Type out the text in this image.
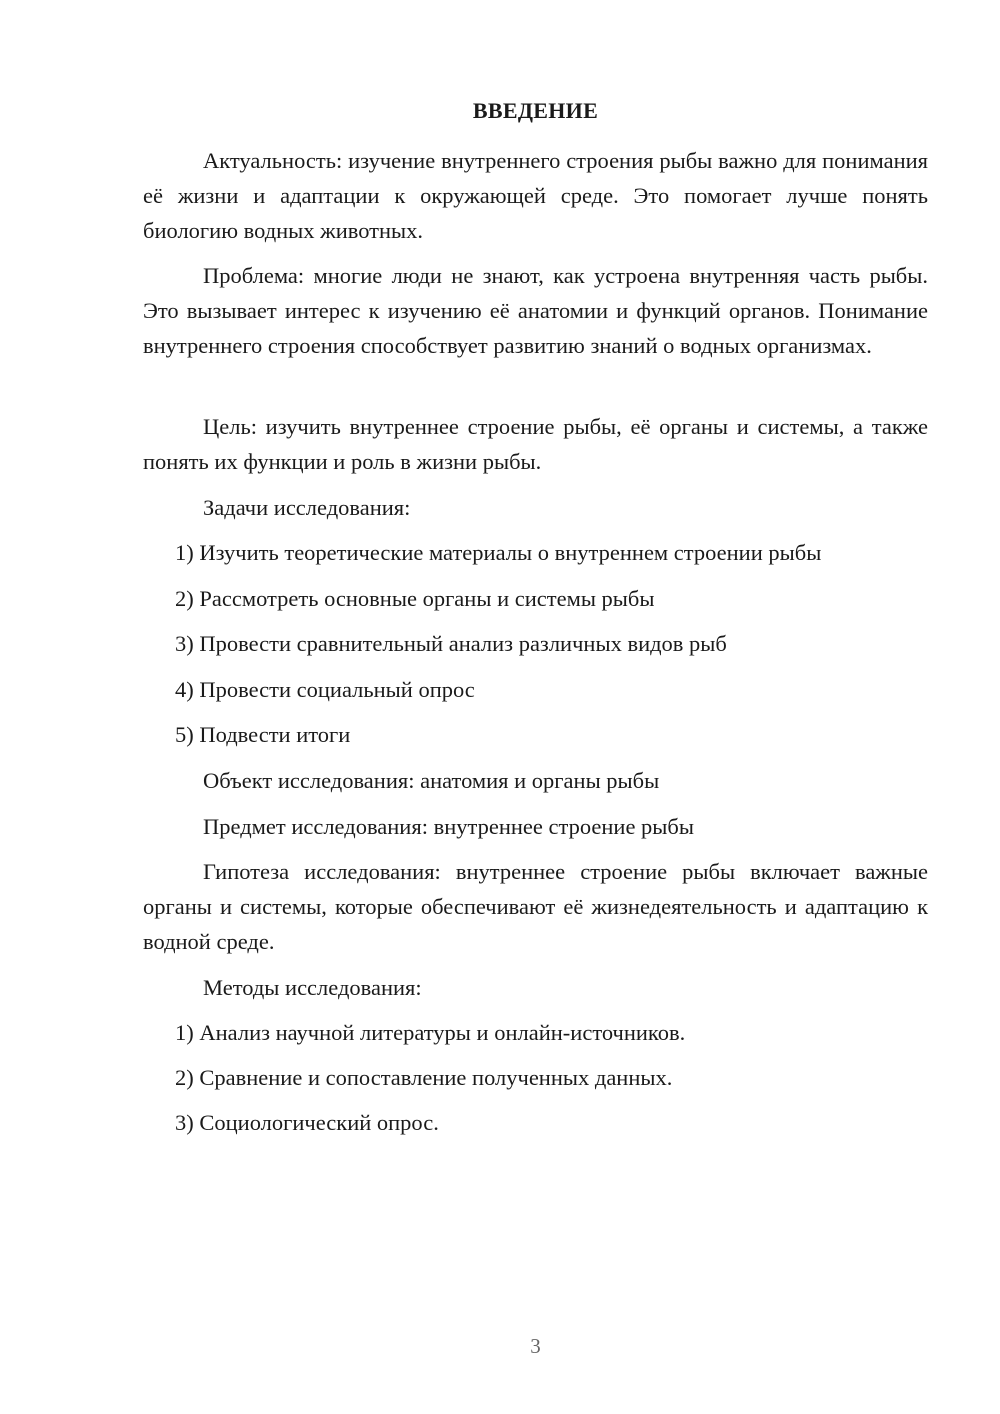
ВВЕДЕНИЕ

Актуальность: изучение внутреннего строения рыбы важно для понимания её жизни и адаптации к окружающей среде. Это помогает лучше понять биологию водных животных.

Проблема: многие люди не знают, как устроена внутренняя часть рыбы. Это вызывает интерес к изучению её анатомии и функций органов. Понимание внутреннего строения способствует развитию знаний о водных организмах.

Цель: изучить внутреннее строение рыбы, её органы и системы, а также понять их функции и роль в жизни рыбы.

Задачи исследования:
1) Изучить теоретические материалы о внутреннем строении рыбы
2) Рассмотреть основные органы и системы рыбы
3) Провести сравнительный анализ различных видов рыб
4) Провести социальный опрос
5) Подвести итоги
Объект исследования: анатомия и органы рыбы
Предмет исследования: внутреннее строение рыбы

Гипотеза исследования: внутреннее строение рыбы включает важные органы и системы, которые обеспечивают её жизнедеятельность и адаптацию к водной среде.

Методы исследования:
1) Анализ научной литературы и онлайн-источников.
2) Сравнение и сопоставление полученных данных.
3) Социологический опрос.
3
